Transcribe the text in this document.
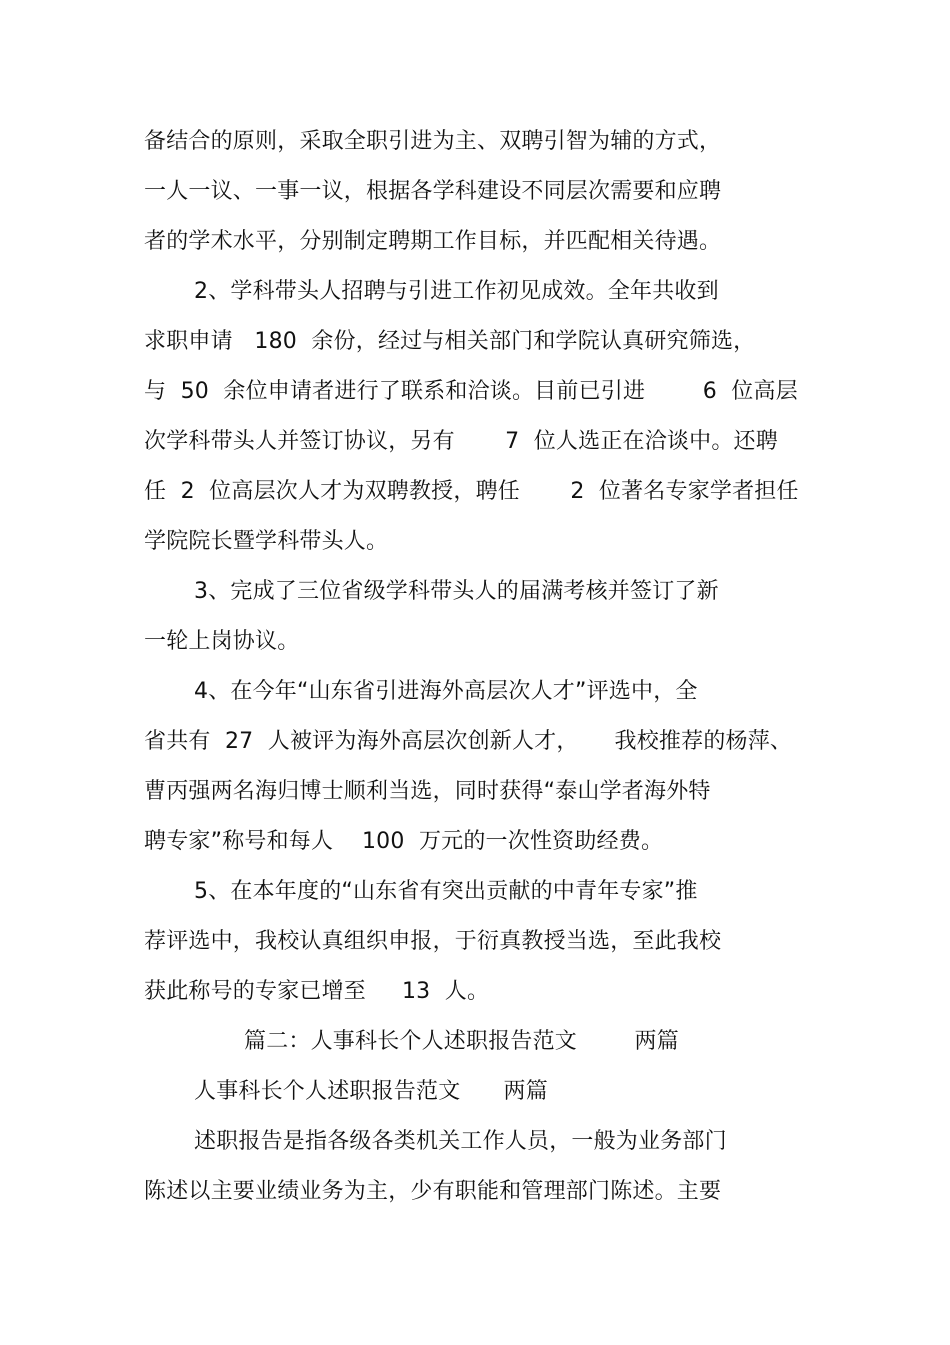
备结合的原则，采取全职引进为主、双聘引智为辅的方式，
一人一议、一事一议，根据各学科建设不同层次需要和应聘
者的学术水平，分别制定聘期工作目标，并匹配相关待遇。
2、学科带头人招聘与引进工作初见成效。全年共收到
求职申请   180  余份，经过与相关部门和学院认真研究筛选，
与  50  余位申请者进行了联系和洽谈。目前已引进        6  位高层
次学科带头人并签订协议，另有       7  位人选正在洽谈中。还聘
任  2  位高层次人才为双聘教授，聘任       2  位著名专家学者担任
学院院长暨学科带头人。
3、完成了三位省级学科带头人的届满考核并签订了新
一轮上岗协议。
4、在今年“山东省引进海外高层次人才”评选中，全
省共有  27  人被评为海外高层次创新人才，     我校推荐的杨萍、
曹丙强两名海归博士顺利当选，同时获得“泰山学者海外特
聘专家”称号和每人    100  万元的一次性资助经费。
5、在本年度的“山东省有突出贡献的中青年专家”推
荐评选中，我校认真组织申报，于衍真教授当选，至此我校
获此称号的专家已增至     13  人。
篇二：人事科长个人述职报告范文        两篇
人事科长个人述职报告范文      两篇
述职报告是指各级各类机关工作人员，一般为业务部门
陈述以主要业绩业务为主，少有职能和管理部门陈述。主要
